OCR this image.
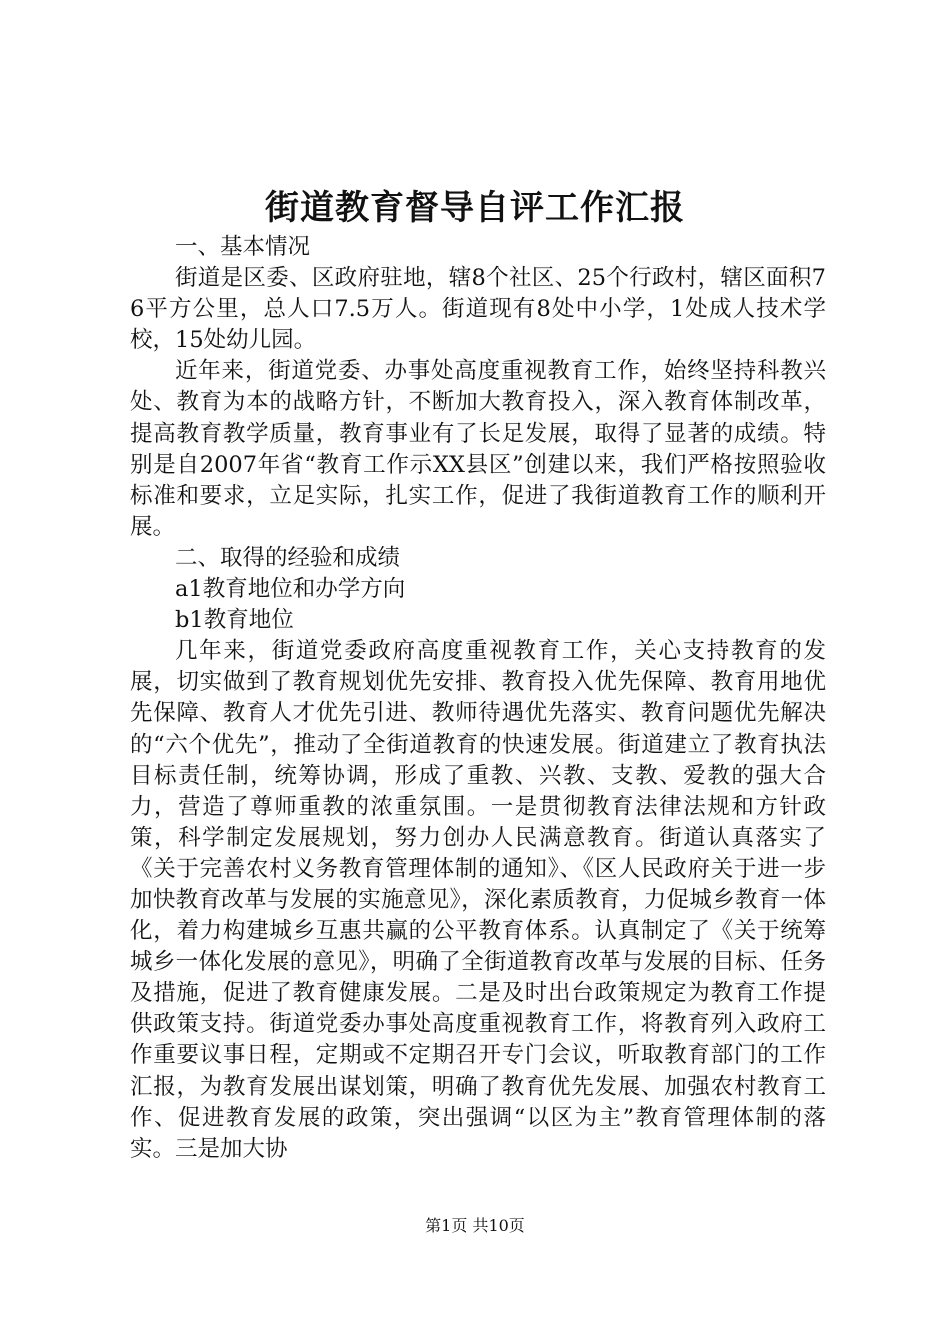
街道教育督导自评工作汇报

一、基本情况

街道是区委、区政府驻地，辖8个社区、25个行政村，辖区面积76平方公里，总人口7.5万人。街道现有8处中小学，1处成人技术学校，15处幼儿园。

近年来，街道党委、办事处高度重视教育工作，始终坚持科教兴处、教育为本的战略方针，不断加大教育投入，深入教育体制改革，提高教育教学质量，教育事业有了长足发展，取得了显著的成绩。特别是自2007年省“教育工作示XX县区”创建以来，我们严格按照验收标准和要求，立足实际，扎实工作，促进了我街道教育工作的顺利开展。

二、取得的经验和成绩

a1教育地位和办学方向

b1教育地位

几年来，街道党委政府高度重视教育工作，关心支持教育的发展，切实做到了教育规划优先安排、教育投入优先保障、教育用地优先保障、教育人才优先引进、教师待遇优先落实、教育问题优先解决的“六个优先”，推动了全街道教育的快速发展。街道建立了教育执法目标责任制，统筹协调，形成了重教、兴教、支教、爱教的强大合力，营造了尊师重教的浓重氛围。一是贯彻教育法律法规和方针政策，科学制定发展规划，努力创办人民满意教育。街道认真落实了《关于完善农村义务教育管理体制的通知》、《区人民政府关于进一步加快教育改革与发展的实施意见》，深化素质教育，力促城乡教育一体化，着力构建城乡互惠共赢的公平教育体系。认真制定了《关于统筹城乡一体化发展的意见》，明确了全街道教育改革与发展的目标、任务及措施，促进了教育健康发展。二是及时出台政策规定为教育工作提供政策支持。街道党委办事处高度重视教育工作，将教育列入政府工作重要议事日程，定期或不定期召开专门会议，听取教育部门的工作汇报，为教育发展出谋划策，明确了教育优先发展、加强农村教育工作、促进教育发展的政策，突出强调“以区为主”教育管理体制的落实。三是加大协

第1页 共10页
